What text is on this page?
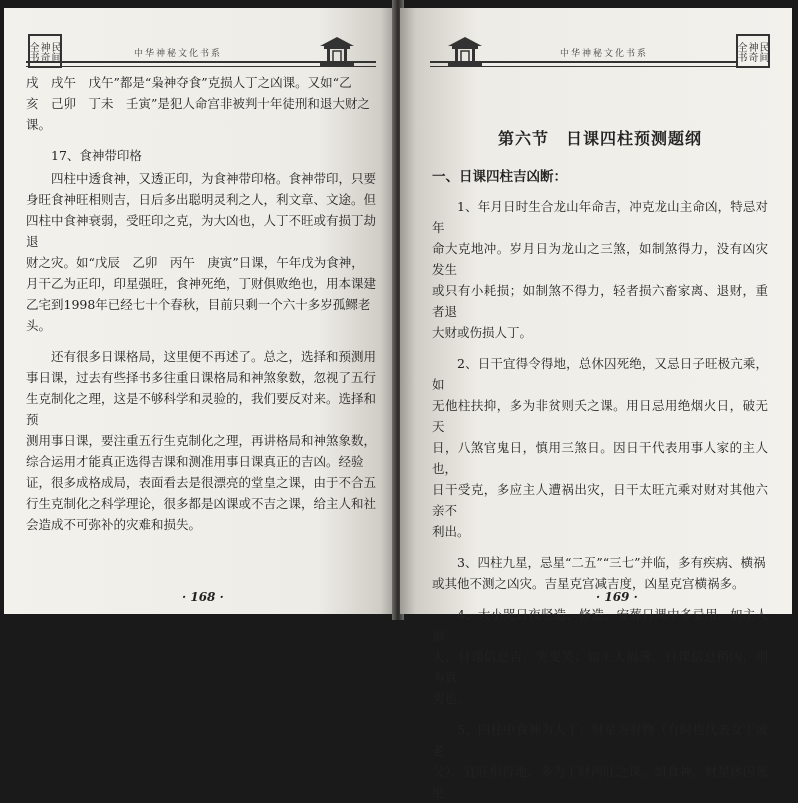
民间神奇全书	中华神秘文化书系

戌　戌午　戊午”都是“枭神夺食”克损人丁之凶课。又如“乙

亥　己卯　丁未　壬寅”是犯人命宫非被判十年徒刑和退大财之

课。

17、食神带印格

四柱中透食神，又透正印，为食神带印格。食神带印，只要

身旺食神旺相则吉，日后多出聪明灵利之人，利文章、文途。但

四柱中食神衰弱，受旺印之克，为大凶也，人丁不旺或有损丁劫退

财之灾。如“戊辰　乙卯　丙午　庚寅”日课，午年戊为食神，

月干乙为正印，印星强旺，食神死绝，丁财俱败绝也，用本课建

乙宅到1998年已经七十个春秋，目前只剩一个六十多岁孤鳏老

头。

还有很多日课格局，这里便不再述了。总之，选择和预测用

事日课，过去有些择书多往重日课格局和神煞象数，忽视了五行

生克制化之理，这是不够科学和灵验的，我们要反对来。选择和预

测用事日课，要注重五行生克制化之理，再讲格局和神煞象数，

综合运用才能真正选得吉课和测准用事日课真正的吉凶。经验

证，很多成格成局，表面看去是很漂亮的堂皇之课，由于不合五

行生克制化之科学理论，很多都是凶课或不吉之课，给主人和社

会造成不可弥补的灾难和损失。

· 168 ·
中华神秘文化书系	民间神奇全书

第六节　日课四柱预测题纲

一、日课四柱吉凶断：

1、年月日时生合龙山年命吉，冲克龙山主命凶，特忌对年

命大克地冲。岁月日为龙山之三煞，如制煞得力，没有凶灾发生

或只有小耗损；如制煞不得力，轻者损六畜家离、退财，重者退

大财或伤损人丁。

2、日干宜得令得地，总休囚死绝，又忌日子旺极亢乘，如

无他柱扶抑，多为非贫则夭之课。用日忌用绝烟火日，破无天

日，八煞官鬼日，慎用三煞日。因日干代表用事人家的主人也，

日干受克，多应主人遭祸出灾，日干太旺亢乘对财对其他六亲不

利出。

3、四柱九星，忌星“二五”“三七”并临，多有疾病、横祸

或其他不测之凶灾。吉星克宫减吉度，凶星克宫横祸多。

4、大小哭日夜竖造、修造、安葬日课中多忌用，如主人福

大，日课信息吉，哭变笑；如主人福薄，日课信息稍凶，则为真

哭也。

5、四柱中食神为人丁；财星为财物（有时也代表女丁或老

父），宜旺相得地，多为丁财两旺之课。如食神，财星休囚死绝

· 169 ·
